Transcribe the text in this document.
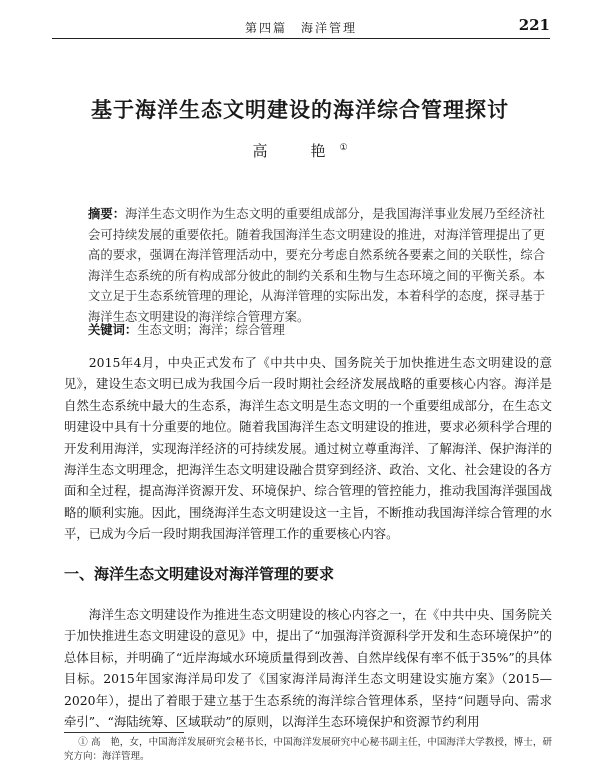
第四篇　海洋管理	221
基于海洋生态文明建设的海洋综合管理探讨
高　艳①
摘要：海洋生态文明作为生态文明的重要组成部分，是我国海洋事业发展乃至经济社会可持续发展的重要依托。随着我国海洋生态文明建设的推进，对海洋管理提出了更高的要求，强调在海洋管理活动中，要充分考虑自然系统各要素之间的关联性，综合海洋生态系统的所有构成部分彼此的制约关系和生物与生态环境之间的平衡关系。本文立足于生态系统管理的理论，从海洋管理的实际出发，本着科学的态度，探寻基于海洋生态文明建设的海洋综合管理方案。
关键词：生态文明；海洋；综合管理
2015年4月，中央正式发布了《中共中央、国务院关于加快推进生态文明建设的意见》，建设生态文明已成为我国今后一段时期社会经济发展战略的重要核心内容。海洋是自然生态系统中最大的生态系，海洋生态文明是生态文明的一个重要组成部分，在生态文明建设中具有十分重要的地位。随着我国海洋生态文明建设的推进，要求必须科学合理的开发利用海洋，实现海洋经济的可持续发展。通过树立尊重海洋、了解海洋、保护海洋的海洋生态文明理念，把海洋生态文明建设融合贯穿到经济、政治、文化、社会建设的各方面和全过程，提高海洋资源开发、环境保护、综合管理的管控能力，推动我国海洋强国战略的顺利实施。因此，围绕海洋生态文明建设这一主旨，不断推动我国海洋综合管理的水平，已成为今后一段时期我国海洋管理工作的重要核心内容。
一、海洋生态文明建设对海洋管理的要求
海洋生态文明建设作为推进生态文明建设的核心内容之一，在《中共中央、国务院关于加快推进生态文明建设的意见》中，提出了“加强海洋资源科学开发和生态环境保护”的总体目标，并明确了“近岸海域水环境质量得到改善、自然岸线保有率不低于35%”的具体目标。2015年国家海洋局印发了《国家海洋局海洋生态文明建设实施方案》（2015—2020年），提出了着眼于建立基于生态系统的海洋综合管理体系，坚持“问题导向、需求牵引”、“海陆统筹、区域联动”的原则，以海洋生态环境保护和资源节约利用
① 高　艳，女，中国海洋发展研究会秘书长，中国海洋发展研究中心秘书副主任，中国海洋大学教授，博士，研究方向：海洋管理。
